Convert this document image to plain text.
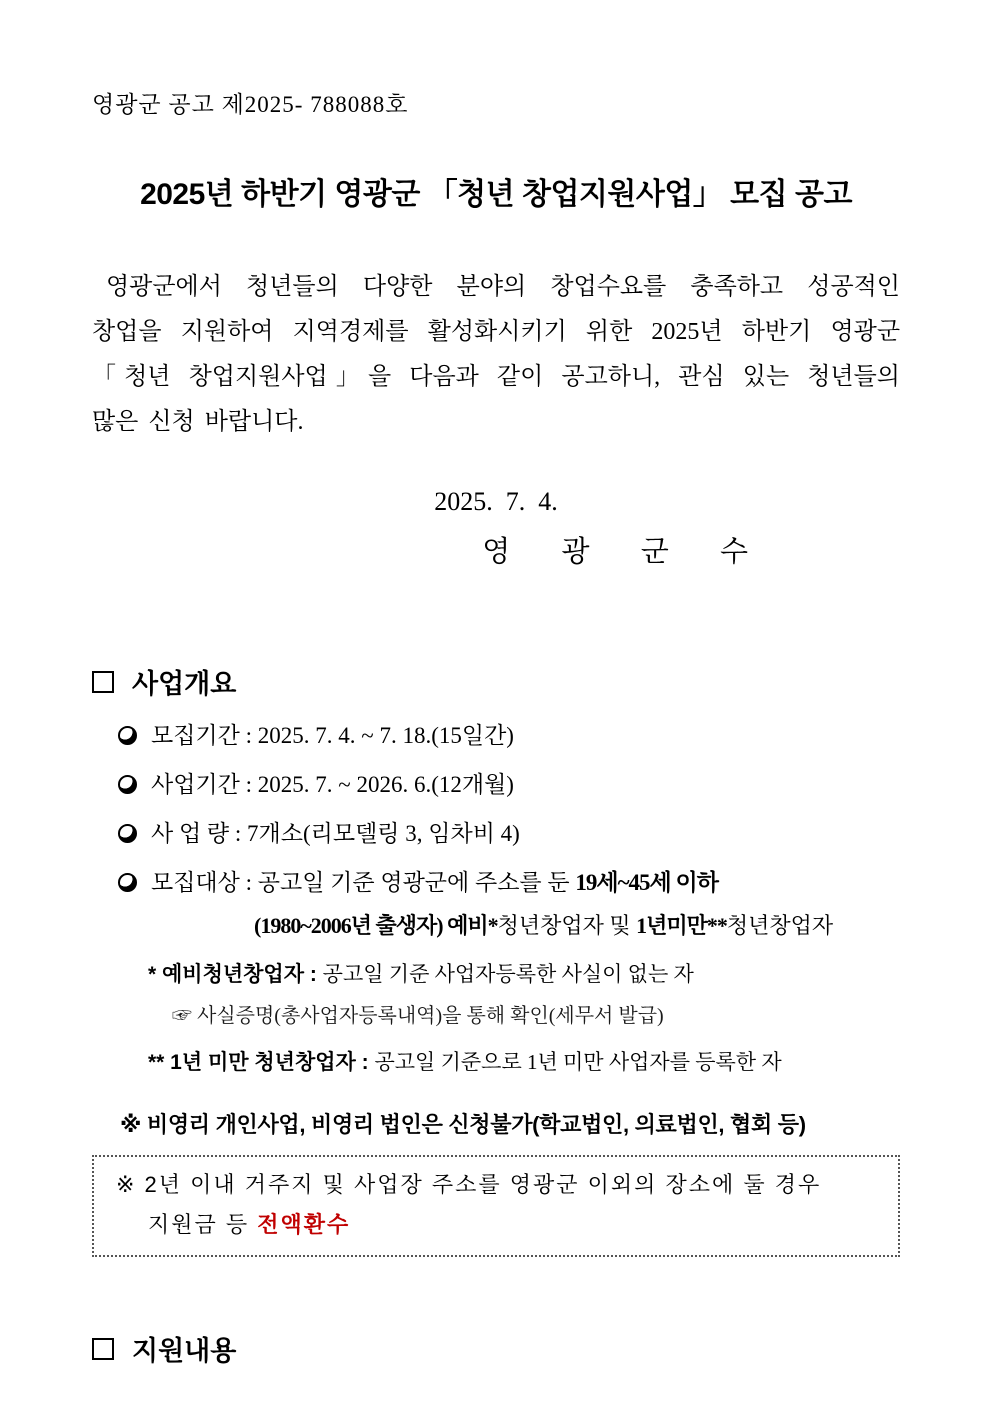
영광군 공고 제2025- 788088호
2025년 하반기 영광군 「청년 창업지원사업」 모집 공고
영광군에서 청년들의 다양한 분야의 창업수요를 충족하고 성공적인
창업을 지원하여 지역경제를 활성화시키기 위한 2025년 하반기 영광군
「청년 창업지원사업」을 다음과 같이 공고하니, 관심 있는 청년들의
많은 신청 바랍니다.
2025.  7.  4.
영 광 군 수
사업개요
모집기간 : 2025. 7. 4. ~ 7. 18.(15일간)
사업기간 : 2025. 7. ~ 2026. 6.(12개월)
사 업 량 : 7개소(리모델링 3, 임차비 4)
모집대상 : 공고일 기준 영광군에 주소를 둔 19세~45세 이하
(1980~2006년 출생자) 예비*청년창업자 및 1년미만**청년창업자
* 예비청년창업자 : 공고일 기준 사업자등록한 사실이 없는 자
☞ 사실증명(총사업자등록내역)을 통해 확인(세무서 발급)
** 1년 미만 청년창업자 : 공고일 기준으로 1년 미만 사업자를 등록한 자
※ 비영리 개인사업, 비영리 법인은 신청불가(학교법인, 의료법인, 협회 등)
※ 2년 이내 거주지 및 사업장 주소를 영광군 이외의 장소에 둘 경우
지원금 등 전액환수
지원내용
